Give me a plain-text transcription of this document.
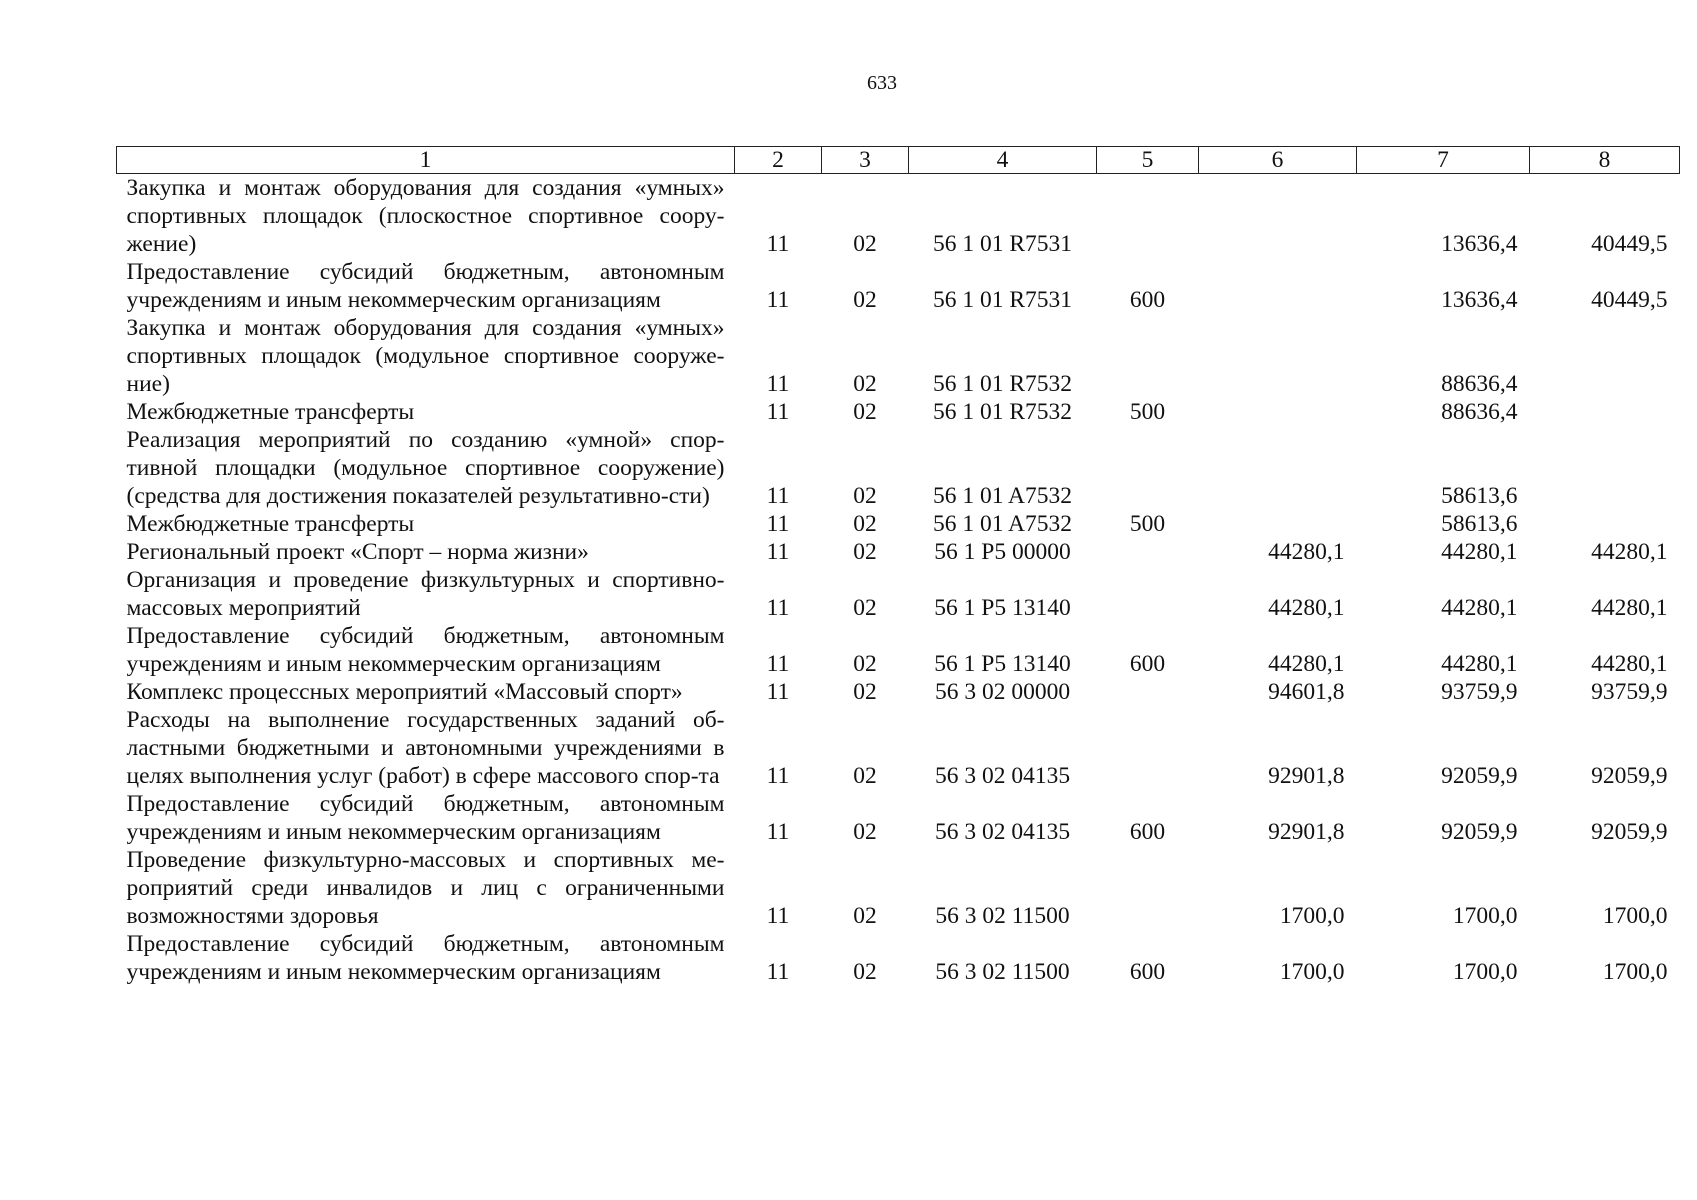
633
1	2	3	4	5	6	7	8
Закупка и монтаж оборудования для создания «умных» спортивных площадок (плоскостное спортивное соору-жение)	11	02	56 1 01 R7531			13636,4	40449,5
Предоставление субсидий бюджетным, автономным учреждениям и иным некоммерческим организациям	11	02	56 1 01 R7531	600		13636,4	40449,5
Закупка и монтаж оборудования для создания «умных» спортивных площадок (модульное спортивное сооруже-ние)	11	02	56 1 01 R7532			88636,4	
Межбюджетные трансферты	11	02	56 1 01 R7532	500		88636,4	
Реализация мероприятий по созданию «умной» спор-тивной площадки (модульное спортивное сооружение) (средства для достижения показателей результативно-сти)	11	02	56 1 01 A7532			58613,6	
Межбюджетные трансферты	11	02	56 1 01 A7532	500		58613,6	
Региональный проект «Спорт – норма жизни»	11	02	56 1 P5 00000		44280,1	44280,1	44280,1
Организация и проведение физкультурных и спортивно-массовых мероприятий	11	02	56 1 P5 13140		44280,1	44280,1	44280,1
Предоставление субсидий бюджетным, автономным учреждениям и иным некоммерческим организациям	11	02	56 1 P5 13140	600	44280,1	44280,1	44280,1
Комплекс процессных мероприятий «Массовый спорт»	11	02	56 3 02 00000		94601,8	93759,9	93759,9
Расходы на выполнение государственных заданий об-ластными бюджетными и автономными учреждениями в целях выполнения услуг (работ) в сфере массового спор-та	11	02	56 3 02 04135		92901,8	92059,9	92059,9
Предоставление субсидий бюджетным, автономным учреждениям и иным некоммерческим организациям	11	02	56 3 02 04135	600	92901,8	92059,9	92059,9
Проведение физкультурно-массовых и спортивных ме-роприятий среди инвалидов и лиц с ограниченными возможностями здоровья	11	02	56 3 02 11500		1700,0	1700,0	1700,0
Предоставление субсидий бюджетным, автономным учреждениям и иным некоммерческим организациям	11	02	56 3 02 11500	600	1700,0	1700,0	1700,0
